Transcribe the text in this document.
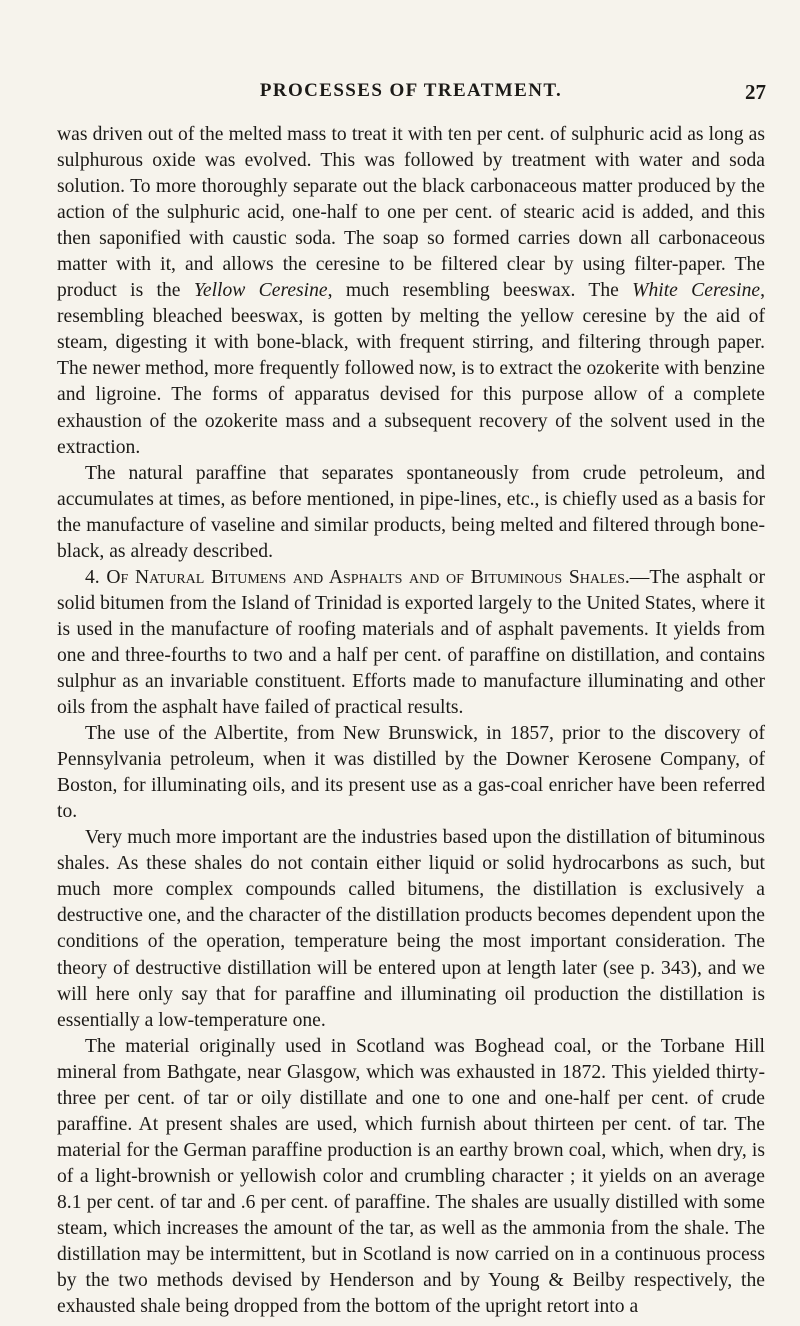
PROCESSES OF TREATMENT.	27

was driven out of the melted mass to treat it with ten per cent. of sulphuric acid as long as sulphurous oxide was evolved. This was followed by treatment with water and soda solution. To more thoroughly separate out the black carbonaceous matter produced by the action of the sulphuric acid, one-half to one per cent. of stearic acid is added, and this then saponified with caustic soda. The soap so formed carries down all carbonaceous matter with it, and allows the ceresine to be filtered clear by using filter-paper. The product is the Yellow Ceresine, much resembling beeswax. The White Ceresine, resembling bleached beeswax, is gotten by melting the yellow ceresine by the aid of steam, digesting it with bone-black, with frequent stirring, and filtering through paper. The newer method, more frequently followed now, is to extract the ozokerite with benzine and ligroine. The forms of apparatus devised for this purpose allow of a complete exhaustion of the ozokerite mass and a subsequent recovery of the solvent used in the extraction.

The natural paraffine that separates spontaneously from crude petroleum, and accumulates at times, as before mentioned, in pipe-lines, etc., is chiefly used as a basis for the manufacture of vaseline and similar products, being melted and filtered through bone-black, as already described.

4. Of Natural Bitumens and Asphalts and of Bituminous Shales.—The asphalt or solid bitumen from the Island of Trinidad is exported largely to the United States, where it is used in the manufacture of roofing materials and of asphalt pavements. It yields from one and three-fourths to two and a half per cent. of paraffine on distillation, and contains sulphur as an invariable constituent. Efforts made to manufacture illuminating and other oils from the asphalt have failed of practical results.

The use of the Albertite, from New Brunswick, in 1857, prior to the discovery of Pennsylvania petroleum, when it was distilled by the Downer Kerosene Company, of Boston, for illuminating oils, and its present use as a gas-coal enricher have been referred to.

Very much more important are the industries based upon the distillation of bituminous shales. As these shales do not contain either liquid or solid hydrocarbons as such, but much more complex compounds called bitumens, the distillation is exclusively a destructive one, and the character of the distillation products becomes dependent upon the conditions of the operation, temperature being the most important consideration. The theory of destructive distillation will be entered upon at length later (see p. 343), and we will here only say that for paraffine and illuminating oil production the distillation is essentially a low-temperature one.

The material originally used in Scotland was Boghead coal, or the Torbane Hill mineral from Bathgate, near Glasgow, which was exhausted in 1872. This yielded thirty-three per cent. of tar or oily distillate and one to one and one-half per cent. of crude paraffine. At present shales are used, which furnish about thirteen per cent. of tar. The material for the German paraffine production is an earthy brown coal, which, when dry, is of a light-brownish or yellowish color and crumbling character ; it yields on an average 8.1 per cent. of tar and .6 per cent. of paraffine. The shales are usually distilled with some steam, which increases the amount of the tar, as well as the ammonia from the shale. The distillation may be intermittent, but in Scotland is now carried on in a continuous process by the two methods devised by Henderson and by Young & Beilby respectively, the exhausted shale being dropped from the bottom of the upright retort into a
